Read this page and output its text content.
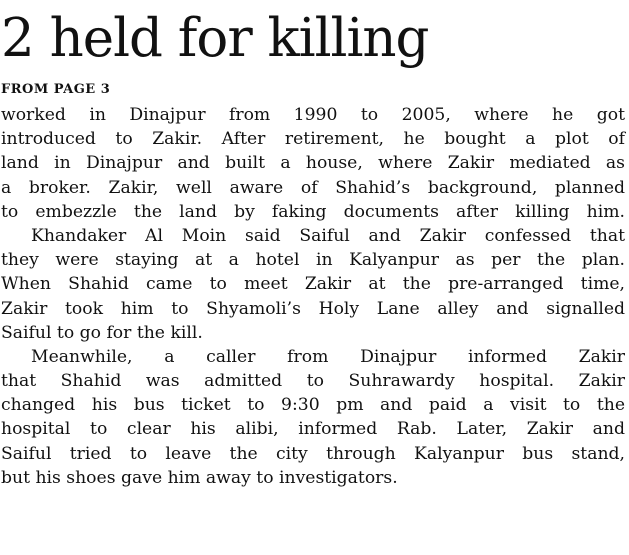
2 held for killing
FROM PAGE 3
worked in Dinajpur from 1990 to 2005, where he got
introduced to Zakir. After retirement, he bought a plot of
land in Dinajpur and built a house, where Zakir mediated as
a broker. Zakir, well aware of Shahid’s background, planned
to embezzle the land by faking documents after killing him.
Khandaker Al Moin said Saiful and Zakir confessed that
they were staying at a hotel in Kalyanpur as per the plan.
When Shahid came to meet Zakir at the pre-arranged time,
Zakir took him to Shyamoli’s Holy Lane alley and signalled
Saiful to go for the kill.
Meanwhile, a caller from Dinajpur informed Zakir
that Shahid was admitted to Suhrawardy hospital. Zakir
changed his bus ticket to 9:30 pm and paid a visit to the
hospital to clear his alibi, informed Rab. Later, Zakir and
Saiful tried to leave the city through Kalyanpur bus stand,
but his shoes gave him away to investigators.
